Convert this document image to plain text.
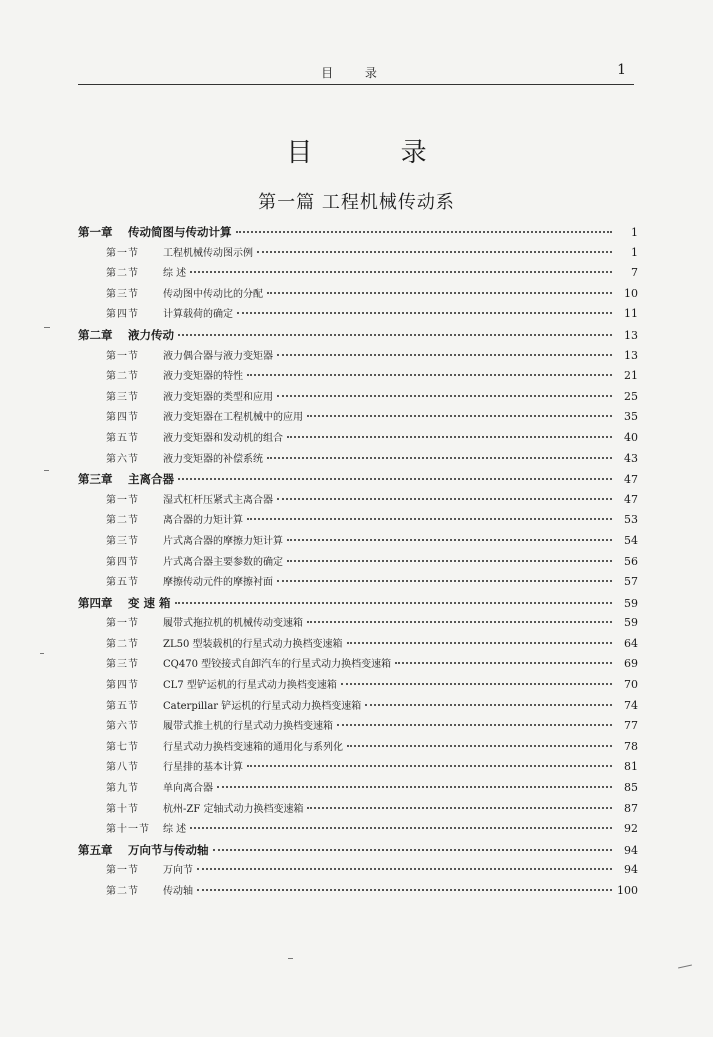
目 录	1
目 录
第一篇 工程机械传动系
第一章	传动简图与传动计算	1
第一节	工程机械传动图示例	1
第二节	综 述	7
第三节	传动图中传动比的分配	10
第四节	计算载荷的确定	11
第二章	液力传动	13
第一节	液力偶合器与液力变矩器	13
第二节	液力变矩器的特性	21
第三节	液力变矩器的类型和应用	25
第四节	液力变矩器在工程机械中的应用	35
第五节	液力变矩器和发动机的组合	40
第六节	液力变矩器的补偿系统	43
第三章	主离合器	47
第一节	湿式杠杆压紧式主离合器	47
第二节	离合器的力矩计算	53
第三节	片式离合器的摩擦力矩计算	54
第四节	片式离合器主要参数的确定	56
第五节	摩擦传动元件的摩擦衬面	57
第四章	变 速 箱	59
第一节	履带式拖拉机的机械传动变速箱	59
第二节	ZL50 型装载机的行星式动力换档变速箱	64
第三节	CQ470 型铰接式自卸汽车的行星式动力换档变速箱	69
第四节	CL7 型铲运机的行星式动力换档变速箱	70
第五节	Caterpillar 铲运机的行星式动力换档变速箱	74
第六节	履带式推土机的行星式动力换档变速箱	77
第七节	行星式动力换档变速箱的通用化与系列化	78
第八节	行星排的基本计算	81
第九节	单向离合器	85
第十节	杭州-ZF 定轴式动力换档变速箱	87
第十一节	综 述	92
第五章	万向节与传动轴	94
第一节	万向节	94
第二节	传动轴	100
